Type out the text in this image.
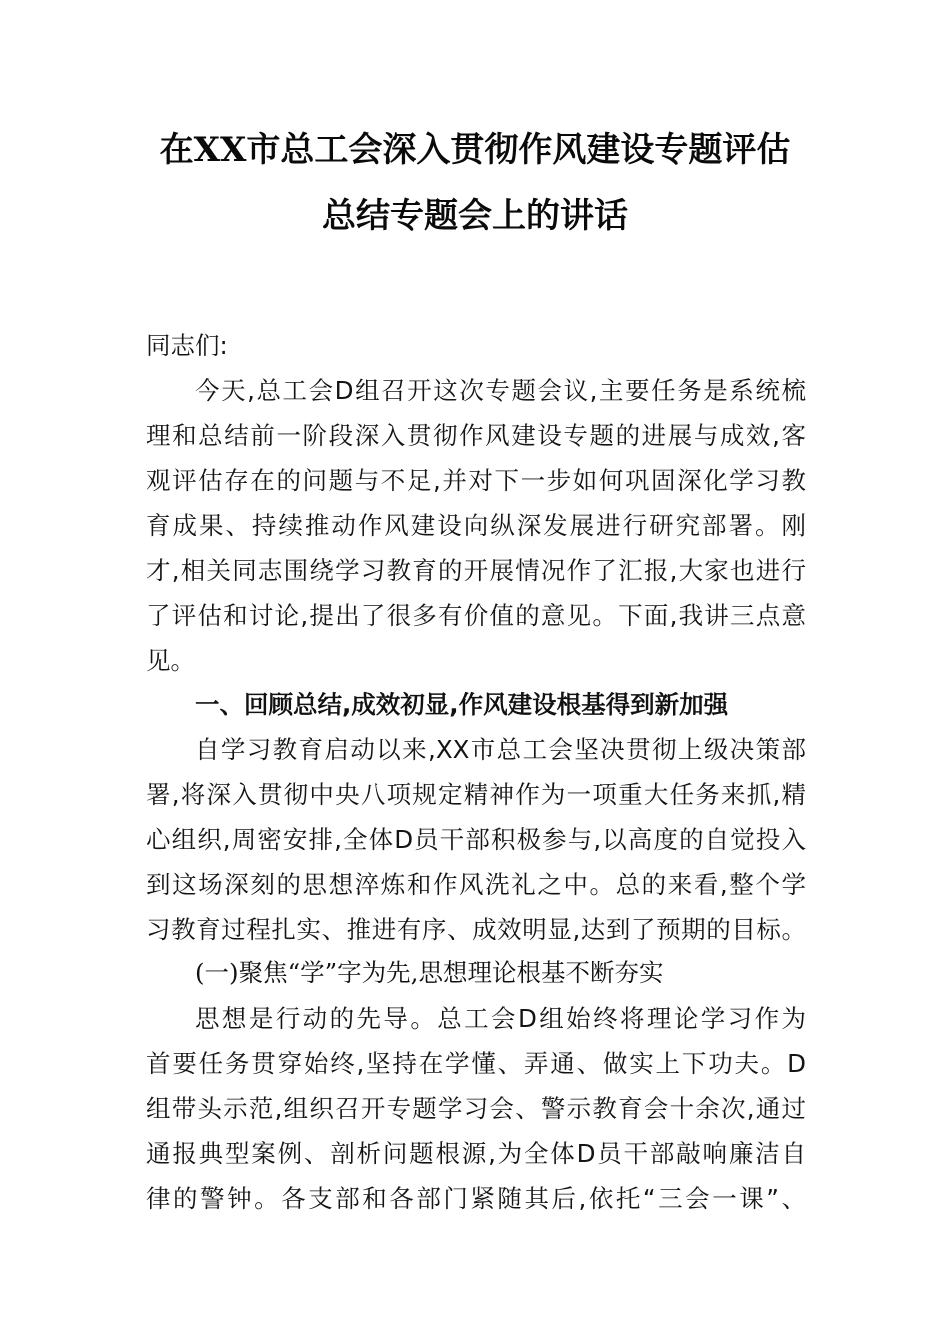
在XX市总工会深入贯彻作风建设专题评估
总结专题会上的讲话
同志们:
今天,总工会D组召开这次专题会议,主要任务是系统梳
理和总结前一阶段深入贯彻作风建设专题的进展与成效,客
观评估存在的问题与不足,并对下一步如何巩固深化学习教
育成果、持续推动作风建设向纵深发展进行研究部署。刚
才,相关同志围绕学习教育的开展情况作了汇报,大家也进行
了评估和讨论,提出了很多有价值的意见。下面,我讲三点意
见。
一、回顾总结,成效初显,作风建设根基得到新加强
自学习教育启动以来,XX市总工会坚决贯彻上级决策部
署,将深入贯彻中央八项规定精神作为一项重大任务来抓,精
心组织,周密安排,全体D员干部积极参与,以高度的自觉投入
到这场深刻的思想淬炼和作风洗礼之中。总的来看,整个学
习教育过程扎实、推进有序、成效明显,达到了预期的目标。
(一)聚焦“学”字为先,思想理论根基不断夯实
思想是行动的先导。总工会D组始终将理论学习作为
首要任务贯穿始终,坚持在学懂、弄通、做实上下功夫。D
组带头示范,组织召开专题学习会、警示教育会十余次,通过
通报典型案例、剖析问题根源,为全体D员干部敲响廉洁自
律的警钟。各支部和各部门紧随其后,依托“三会一课”、
